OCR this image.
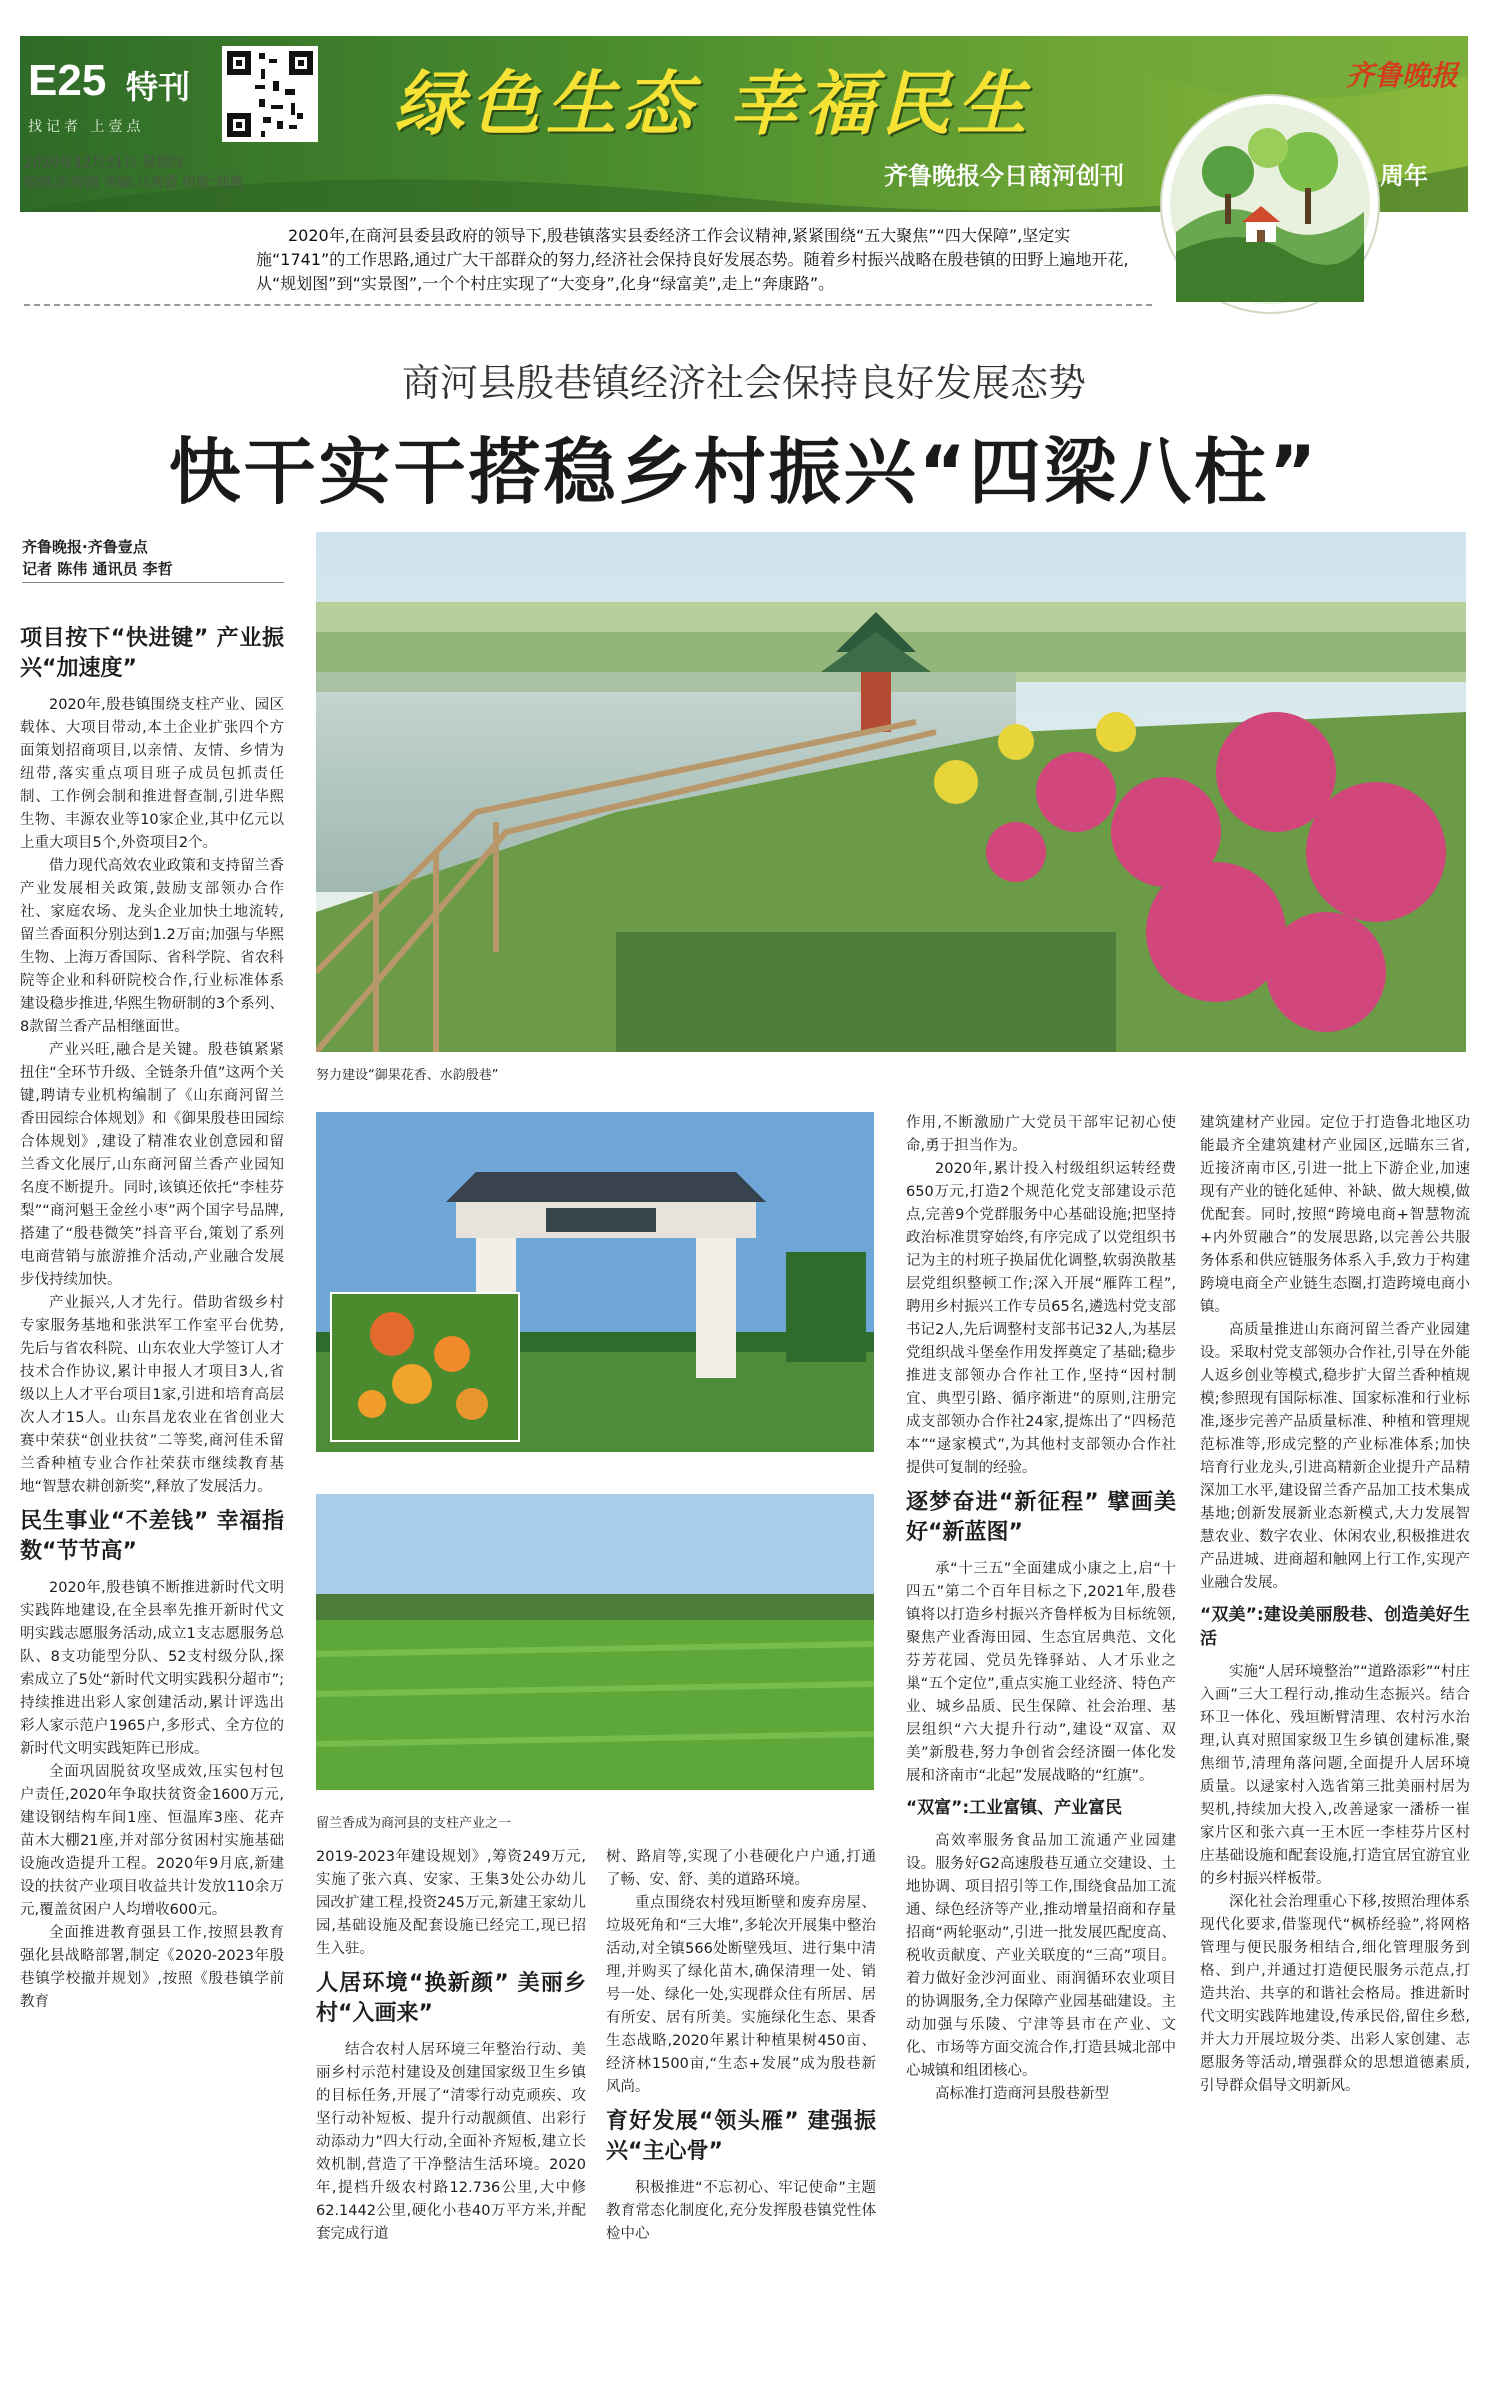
E25 特刊
找记者 上壹点	绿色生态 幸福民生	齐鲁晚报
齐鲁晚报今日商河创刊	周年
2020年12月31日 星期四
编辑:彭传刚 美编:马秀霞 组版:刘燕
2020年,在商河县委县政府的领导下,殷巷镇落实县委经济工作会议精神,紧紧围绕“五大聚焦”“四大保障”,坚定实施“1741”的工作思路,通过广大干部群众的努力,经济社会保持良好发展态势。随着乡村振兴战略在殷巷镇的田野上遍地开花,从“规划图”到“实景图”,一个个村庄实现了“大变身”,化身“绿富美”,走上“奔康路”。
商河县殷巷镇经济社会保持良好发展态势
快干实干搭稳乡村振兴“四梁八柱”
齐鲁晚报·齐鲁壹点
记者 陈伟 通讯员 李哲
努力建设“御果花香、水韵殷巷”
留兰香成为商河县的支柱产业之一
项目按下“快进键” 产业振兴“加速度”

2020年,殷巷镇围绕支柱产业、园区载体、大项目带动,本土企业扩张四个方面策划招商项目,以亲情、友情、乡情为纽带,落实重点项目班子成员包抓责任制、工作例会制和推进督查制,引进华熙生物、丰源农业等10家企业,其中亿元以上重大项目5个,外资项目2个。

借力现代高效农业政策和支持留兰香产业发展相关政策,鼓励支部领办合作社、家庭农场、龙头企业加快土地流转,留兰香面积分别达到1.2万亩;加强与华熙生物、上海万香国际、省科学院、省农科院等企业和科研院校合作,行业标准体系建设稳步推进,华熙生物研制的3个系列、8款留兰香产品相继面世。

产业兴旺,融合是关键。殷巷镇紧紧扭住“全环节升级、全链条升值”这两个关键,聘请专业机构编制了《山东商河留兰香田园综合体规划》和《御果殷巷田园综合体规划》,建设了精准农业创意园和留兰香文化展厅,山东商河留兰香产业园知名度不断提升。同时,该镇还依托“李桂芬梨”“商河魁王金丝小枣”两个国字号品牌,搭建了“殷巷微笑”抖音平台,策划了系列电商营销与旅游推介活动,产业融合发展步伐持续加快。

产业振兴,人才先行。借助省级乡村专家服务基地和张洪军工作室平台优势,先后与省农科院、山东农业大学签订人才技术合作协议,累计申报人才项目3人,省级以上人才平台项目1家,引进和培育高层次人才15人。山东昌龙农业在省创业大赛中荣获“创业扶贫”二等奖,商河佳禾留兰香种植专业合作社荣获市继续教育基地“智慧农耕创新奖”,释放了发展活力。

民生事业“不差钱” 幸福指数“节节高”

2020年,殷巷镇不断推进新时代文明实践阵地建设,在全县率先推开新时代文明实践志愿服务活动,成立1支志愿服务总队、8支功能型分队、52支村级分队,探索成立了5处“新时代文明实践积分超市”;持续推进出彩人家创建活动,累计评选出彩人家示范户1965户,多形式、全方位的新时代文明实践矩阵已形成。

全面巩固脱贫攻坚成效,压实包村包户责任,2020年争取扶贫资金1600万元,建设钢结构车间1座、恒温库3座、花卉苗木大棚21座,并对部分贫困村实施基础设施改造提升工程。2020年9月底,新建设的扶贫产业项目收益共计发放110余万元,覆盖贫困户人均增收600元。

全面推进教育强县工作,按照县教育强化县战略部署,制定《2020-2023年殷巷镇学校撤并规划》,按照《殷巷镇学前教育

2019-2023年建设规划》,筹资249万元,实施了张六真、安家、王集3处公办幼儿园改扩建工程,投资245万元,新建王家幼儿园,基础设施及配套设施已经完工,现已招生入驻。

人居环境“换新颜” 美丽乡村“入画来”

结合农村人居环境三年整治行动、美丽乡村示范村建设及创建国家级卫生乡镇的目标任务,开展了“清零行动克顽疾、攻坚行动补短板、提升行动靓颜值、出彩行动添动力”四大行动,全面补齐短板,建立长效机制,营造了干净整洁生活环境。2020年,提档升级农村路12.736公里,大中修62.1442公里,硬化小巷40万平方米,并配套完成行道

树、路肩等,实现了小巷硬化户户通,打通了畅、安、舒、美的道路环境。

重点围绕农村残垣断壁和废弃房屋、垃圾死角和“三大堆”,多轮次开展集中整治活动,对全镇566处断壁残垣、进行集中清理,并购买了绿化苗木,确保清理一处、销号一处、绿化一处,实现群众住有所居、居有所安、居有所美。实施绿化生态、果香生态战略,2020年累计种植果树450亩、经济林1500亩,“生态+发展”成为殷巷新风尚。

育好发展“领头雁” 建强振兴“主心骨”

积极推进“不忘初心、牢记使命”主题教育常态化制度化,充分发挥殷巷镇党性体检中心

作用,不断激励广大党员干部牢记初心使命,勇于担当作为。

2020年,累计投入村级组织运转经费650万元,打造2个规范化党支部建设示范点,完善9个党群服务中心基础设施;把坚持政治标准贯穿始终,有序完成了以党组织书记为主的村班子换届优化调整,软弱涣散基层党组织整顿工作;深入开展“雁阵工程”,聘用乡村振兴工作专员65名,遴选村党支部书记2人,先后调整村支部书记32人,为基层党组织战斗堡垒作用发挥奠定了基础;稳步推进支部领办合作社工作,坚持“因村制宜、典型引路、循序渐进”的原则,注册完成支部领办合作社24家,提炼出了“四杨范本”“逯家模式”,为其他村支部领办合作社提供可复制的经验。

逐梦奋进“新征程” 擘画美好“新蓝图”

承“十三五”全面建成小康之上,启“十四五”第二个百年目标之下,2021年,殷巷镇将以打造乡村振兴齐鲁样板为目标统领,聚焦产业香海田园、生态宜居典范、文化芬芳花园、党员先锋驿站、人才乐业之巢“五个定位”,重点实施工业经济、特色产业、城乡品质、民生保障、社会治理、基层组织“六大提升行动”,建设“双富、双美”新殷巷,努力争创省会经济圈一体化发展和济南市“北起”发展战略的“红旗”。

“双富”:工业富镇、产业富民

高效率服务食品加工流通产业园建设。服务好G2高速殷巷互通立交建设、土地协调、项目招引等工作,围绕食品加工流通、绿色经济等产业,推动增量招商和存量招商“两轮驱动”,引进一批发展匹配度高、税收贡献度、产业关联度的“三高”项目。着力做好金沙河面业、雨润循环农业项目的协调服务,全力保障产业园基础建设。主动加强与乐陵、宁津等县市在产业、文化、市场等方面交流合作,打造县城北部中心城镇和组团核心。

高标准打造商河县殷巷新型

建筑建材产业园。定位于打造鲁北地区功能最齐全建筑建材产业园区,远瞄东三省,近接济南市区,引进一批上下游企业,加速现有产业的链化延伸、补缺、做大规模,做优配套。同时,按照“跨境电商+智慧物流+内外贸融合”的发展思路,以完善公共服务体系和供应链服务体系入手,致力于构建跨境电商全产业链生态圈,打造跨境电商小镇。

高质量推进山东商河留兰香产业园建设。采取村党支部领办合作社,引导在外能人返乡创业等模式,稳步扩大留兰香种植规模;参照现有国际标准、国家标准和行业标准,逐步完善产品质量标准、种植和管理规范标准等,形成完整的产业标准体系;加快培育行业龙头,引进高精新企业提升产品精深加工水平,建设留兰香产品加工技术集成基地;创新发展新业态新模式,大力发展智慧农业、数字农业、休闲农业,积极推进农产品进城、进商超和触网上行工作,实现产业融合发展。

“双美”:建设美丽殷巷、创造美好生活

实施“人居环境整治”“道路添彩”“村庄入画”三大工程行动,推动生态振兴。结合环卫一体化、残垣断臂清理、农村污水治理,认真对照国家级卫生乡镇创建标准,聚焦细节,清理角落问题,全面提升人居环境质量。以逯家村入选省第三批美丽村居为契机,持续加大投入,改善逯家一潘桥一崔家片区和张六真一王木匠一李桂芬片区村庄基础设施和配套设施,打造宜居宜游宜业的乡村振兴样板带。

深化社会治理重心下移,按照治理体系现代化要求,借鉴现代“枫桥经验”,将网格管理与便民服务相结合,细化管理服务到格、到户,并通过打造便民服务示范点,打造共治、共享的和谐社会格局。推进新时代文明实践阵地建设,传承民俗,留住乡愁,并大力开展垃圾分类、出彩人家创建、志愿服务等活动,增强群众的思想道德素质,引导群众倡导文明新风。
